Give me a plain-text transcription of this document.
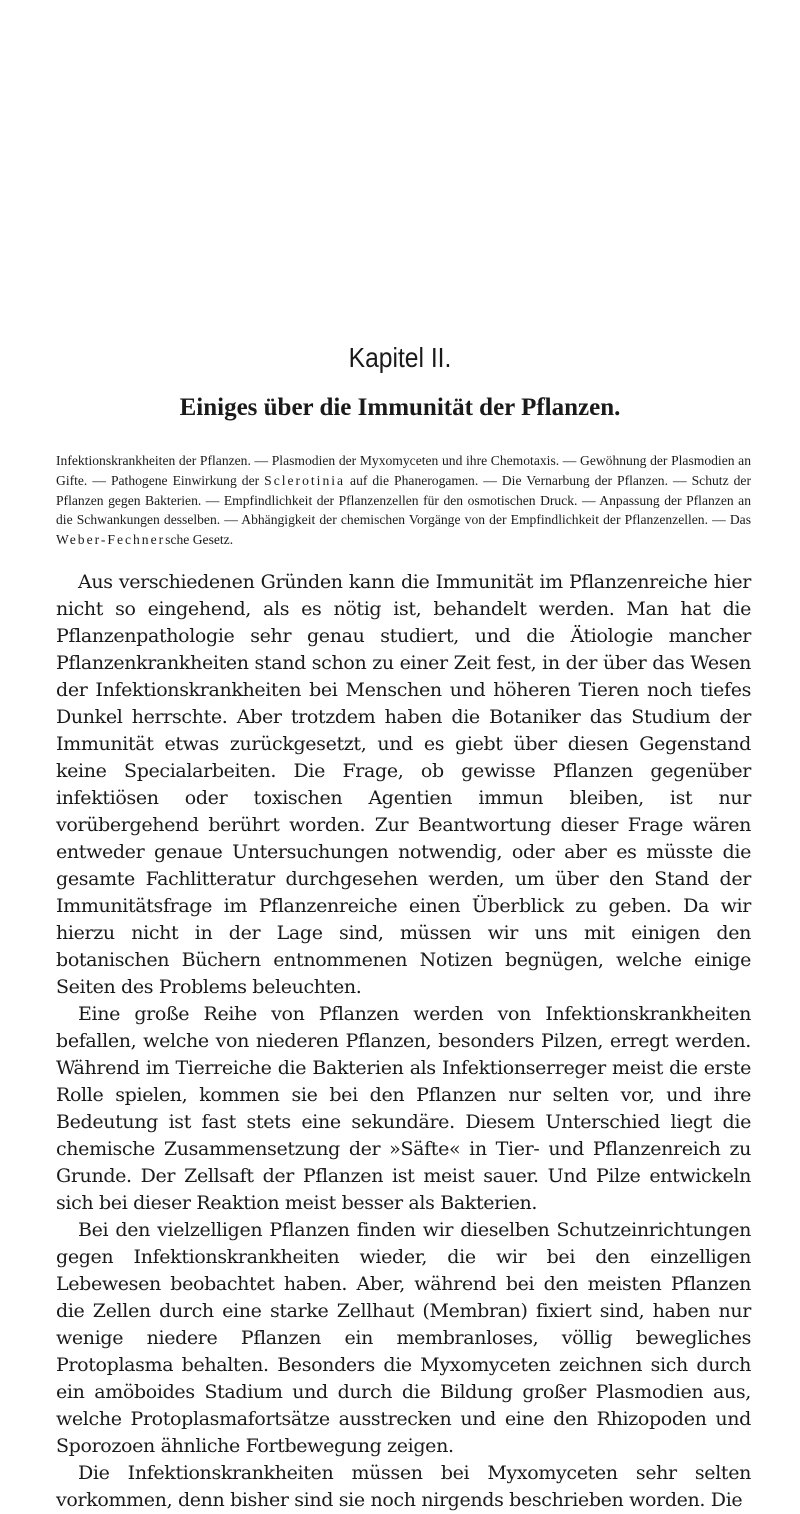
Kapitel II.
Einiges über die Immunität der Pflanzen.
Infektionskrankheiten der Pflanzen. — Plasmodien der Myxomyceten und ihre Chemotaxis. — Gewöhnung der Plasmodien an Gifte. — Pathogene Einwirkung der Sclerotinia auf die Phanerogamen. — Die Vernarbung der Pflanzen. — Schutz der Pflanzen gegen Bakterien. — Empfindlichkeit der Pflanzenzellen für den osmotischen Druck. — Anpassung der Pflanzen an die Schwankungen desselben. — Abhängigkeit der chemischen Vorgänge von der Empfindlichkeit der Pflanzenzellen. — Das Weber-Fechnersche Gesetz.

Aus verschiedenen Gründen kann die Immunität im Pflanzenreiche hier nicht so eingehend, als es nötig ist, behandelt werden. Man hat die Pflanzenpathologie sehr genau studiert, und die Ätiologie mancher Pflanzenkrankheiten stand schon zu einer Zeit fest, in der über das Wesen der Infektionskrankheiten bei Menschen und höheren Tieren noch tiefes Dunkel herrschte. Aber trotzdem haben die Botaniker das Studium der Immunität etwas zurückgesetzt, und es giebt über diesen Gegenstand keine Specialarbeiten. Die Frage, ob gewisse Pflanzen gegenüber infektiösen oder toxischen Agentien immun bleiben, ist nur vorübergehend berührt worden. Zur Beantwortung dieser Frage wären entweder genaue Untersuchungen notwendig, oder aber es müsste die gesamte Fachlitteratur durchgesehen werden, um über den Stand der Immunitätsfrage im Pflanzenreiche einen Überblick zu geben. Da wir hierzu nicht in der Lage sind, müssen wir uns mit einigen den botanischen Büchern entnommenen Notizen begnügen, welche einige Seiten des Problems beleuchten.

Eine große Reihe von Pflanzen werden von Infektionskrankheiten befallen, welche von niederen Pflanzen, besonders Pilzen, erregt werden. Während im Tierreiche die Bakterien als Infektionserreger meist die erste Rolle spielen, kommen sie bei den Pflanzen nur selten vor, und ihre Bedeutung ist fast stets eine sekundäre. Diesem Unterschied liegt die chemische Zusammensetzung der »Säfte« in Tier- und Pflanzenreich zu Grunde. Der Zellsaft der Pflanzen ist meist sauer. Und Pilze entwickeln sich bei dieser Reaktion meist besser als Bakterien.

Bei den vielzelligen Pflanzen finden wir dieselben Schutzeinrichtungen gegen Infektionskrankheiten wieder, die wir bei den einzelligen Lebewesen beobachtet haben. Aber, während bei den meisten Pflanzen die Zellen durch eine starke Zellhaut (Membran) fixiert sind, haben nur wenige niedere Pflanzen ein membranloses, völlig bewegliches Protoplasma behalten. Besonders die Myxomyceten zeichnen sich durch ein amöboides Stadium und durch die Bildung großer Plasmodien aus, welche Protoplasmafortsätze ausstrecken und eine den Rhizopoden und Sporozoen ähnliche Fortbewegung zeigen.

Die Infektionskrankheiten müssen bei Myxomyceten sehr selten vorkommen, denn bisher sind sie noch nirgends beschrieben worden. Die
